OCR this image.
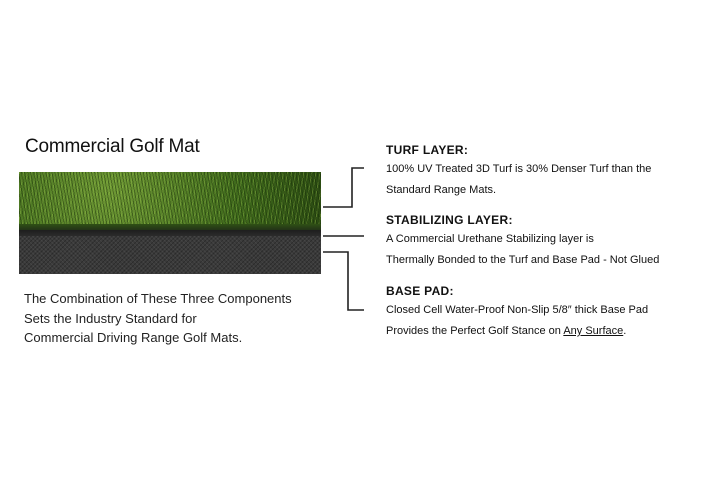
Commercial Golf Mat	TURF LAYER:
100% UV Treated 3D Turf is 30% Denser Turf than the
Standard Range Mats.
STABILIZING LAYER:
A Commercial Urethane Stabilizing layer is
Thermally Bonded to the Turf and Base Pad - Not Glued
BASE PAD:
Closed Cell Water-Proof Non-Slip 5/8″ thick Base Pad
Provides the Perfect Golf Stance on Any Surface.
The Combination of These Three Components
Sets the Industry Standard for
Commercial Driving Range Golf Mats.
